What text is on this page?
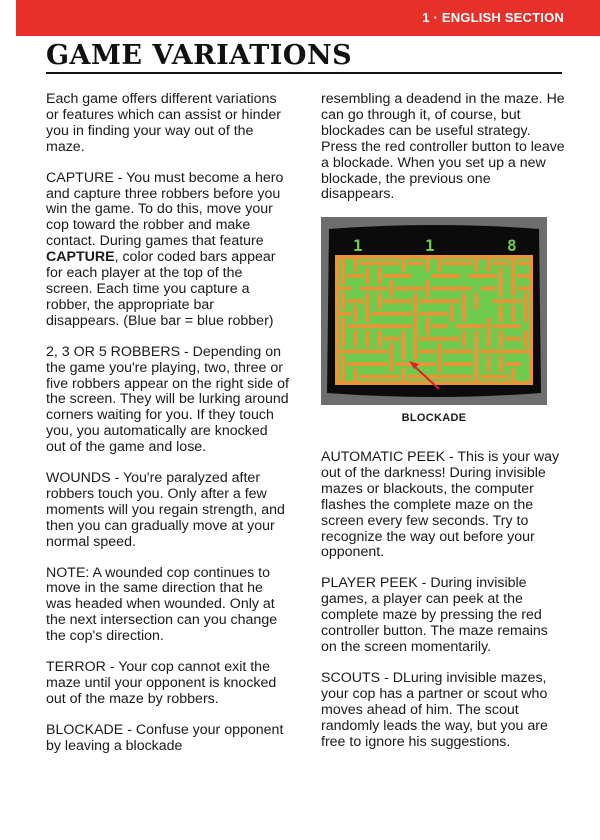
1 · ENGLISH SECTION
GAME VARIATIONS

Each game offers different variations or features which can assist or hinder you in finding your way out of the maze.

CAPTURE - You must become a hero and capture three robbers before you win the game. To do this, move your cop toward the robber and make contact. During games that feature CAPTURE, color coded bars appear for each player at the top of the screen. Each time you capture a robber, the appropriate bar disappears. (Blue bar = blue robber)

2, 3 OR 5 ROBBERS - Depending on the game you're playing, two, three or five robbers appear on the right side of the screen. They will be lurking around corners waiting for you. If they touch you, you automatically are knocked out of the game and lose.

WOUNDS - You're paralyzed after robbers touch you. Only after a few moments will you regain strength, and then you can gradually move at your normal speed.

NOTE: A wounded cop continues to move in the same direction that he was headed when wounded. Only at the next intersection can you change the cop's direction.

TERROR - Your cop cannot exit the maze until your opponent is knocked out of the maze by robbers.

BLOCKADE - Confuse your opponent by leaving a blockade

resembling a deadend in the maze. He can go through it, of course, but blockades can be useful strategy. Press the red controller button to leave a blockade. When you set up a new blockade, the previous one disappears.

1	1	8
BLOCKADE

AUTOMATIC PEEK - This is your way out of the darkness! During invisible mazes or blackouts, the computer flashes the complete maze on the screen every few seconds. Try to recognize the way out before your opponent.

PLAYER PEEK - During invisible games, a player can peek at the complete maze by pressing the red controller button. The maze remains on the screen momentarily.

SCOUTS - DLuring invisible mazes, your cop has a partner or scout who moves ahead of him. The scout randomly leads the way, but you are free to ignore his suggestions.
